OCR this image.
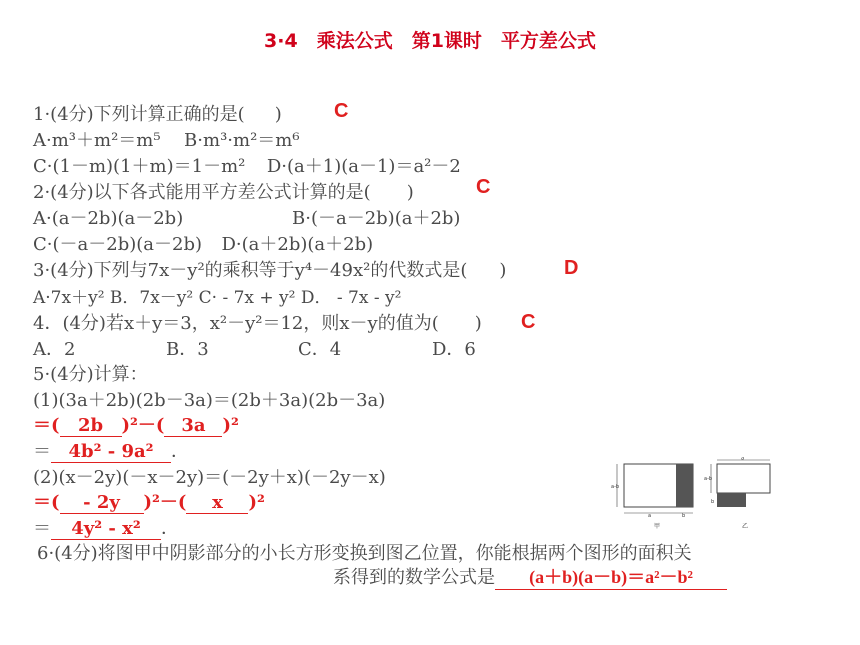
3·4　乘法公式　第1课时　平方差公式
1·(4分)下列计算正确的是( )	C
A·m³＋m²＝m⁵ B·m³·m²＝m⁶
C·(1－m)(1＋m)＝1－m² D·(a＋1)(a－1)＝a²－2
2·(4分)以下各式能用平方差公式计算的是( )	C
A·(a－2b)(a－2b)	B·(－a－2b)(a＋2b)
C·(－a－2b)(a－2b) D·(a＋2b)(a＋2b)
3·(4分)下列与7x－y²的乘积等于y⁴－49x²的代数式是( )	D
A·7x＋y² B．7x－y² C· - 7x + y² D． - 7x - y²
4．(4分)若x＋y＝3，x²－y²＝12，则x－y的值为( ) C
A．2	B．3	C．4	D．6
5·(4分)计算：
(1)(3a＋2b)(2b－3a)＝(2b＋3a)(2b－3a)
＝( 2b )²－( 3a )²
＝ 4b² - 9a² ．
(2)(x－2y)(－x－2y)＝(－2y＋x)(－2y－x)
＝( - 2y )²－( x )²
＝ 4y² - x² ．
a-b
a	b
甲
a
a-b
b
乙
6·(4分)将图甲中阴影部分的小长方形变换到图乙位置，你能根据两个图形的面积关
系得到的数学公式是 (a＋b)(a－b)＝a²－b²
